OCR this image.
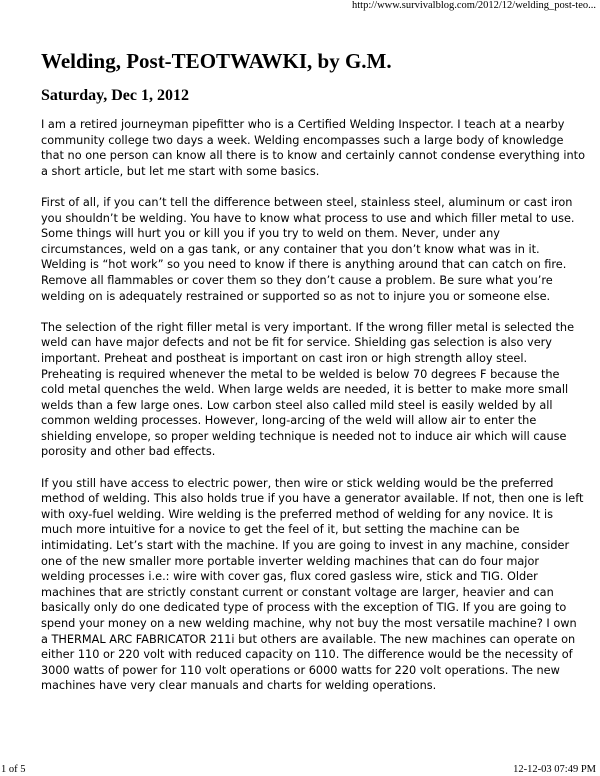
http://www.survivalblog.com/2012/12/welding_post-teo...
Welding, Post-TEOTWAWKI, by G.M.
Saturday, Dec 1, 2012

I am a retired journeyman pipefitter who is a Certified Welding Inspector. I teach at a nearby community college two days a week. Welding encompasses such a large body of knowledge that no one person can know all there is to know and certainly cannot condense everything into a short article, but let me start with some basics.

First of all, if you can’t tell the difference between steel, stainless steel, aluminum or cast iron you shouldn’t be welding. You have to know what process to use and which filler metal to use. Some things will hurt you or kill you if you try to weld on them. Never, under any circumstances, weld on a gas tank, or any container that you don’t know what was in it. Welding is “hot work” so you need to know if there is anything around that can catch on fire. Remove all flammables or cover them so they don’t cause a problem. Be sure what you’re welding on is adequately restrained or supported so as not to injure you or someone else.

The selection of the right filler metal is very important. If the wrong filler metal is selected the weld can have major defects and not be fit for service. Shielding gas selection is also very important. Preheat and postheat is important on cast iron or high strength alloy steel. Preheating is required whenever the metal to be welded is below 70 degrees F because the cold metal quenches the weld. When large welds are needed, it is better to make more small welds than a few large ones. Low carbon steel also called mild steel is easily welded by all common welding processes. However, long-arcing of the weld will allow air to enter the shielding envelope, so proper welding technique is needed not to induce air which will cause porosity and other bad effects.

If you still have access to electric power, then wire or stick welding would be the preferred method of welding. This also holds true if you have a generator available. If not, then one is left with oxy-fuel welding. Wire welding is the preferred method of welding for any novice. It is much more intuitive for a novice to get the feel of it, but setting the machine can be intimidating. Let’s start with the machine. If you are going to invest in any machine, consider one of the new smaller more portable inverter welding machines that can do four major welding processes i.e.: wire with cover gas, flux cored gasless wire, stick and TIG. Older machines that are strictly constant current or constant voltage are larger, heavier and can basically only do one dedicated type of process with the exception of TIG. If you are going to spend your money on a new welding machine, why not buy the most versatile machine? I own a THERMAL ARC FABRICATOR 211i but others are available. The new machines can operate on either 110 or 220 volt with reduced capacity on 110. The difference would be the necessity of 3000 watts of power for 110 volt operations or 6000 watts for 220 volt operations. The new machines have very clear manuals and charts for welding operations.

1 of 5	12-12-03 07:49 PM
